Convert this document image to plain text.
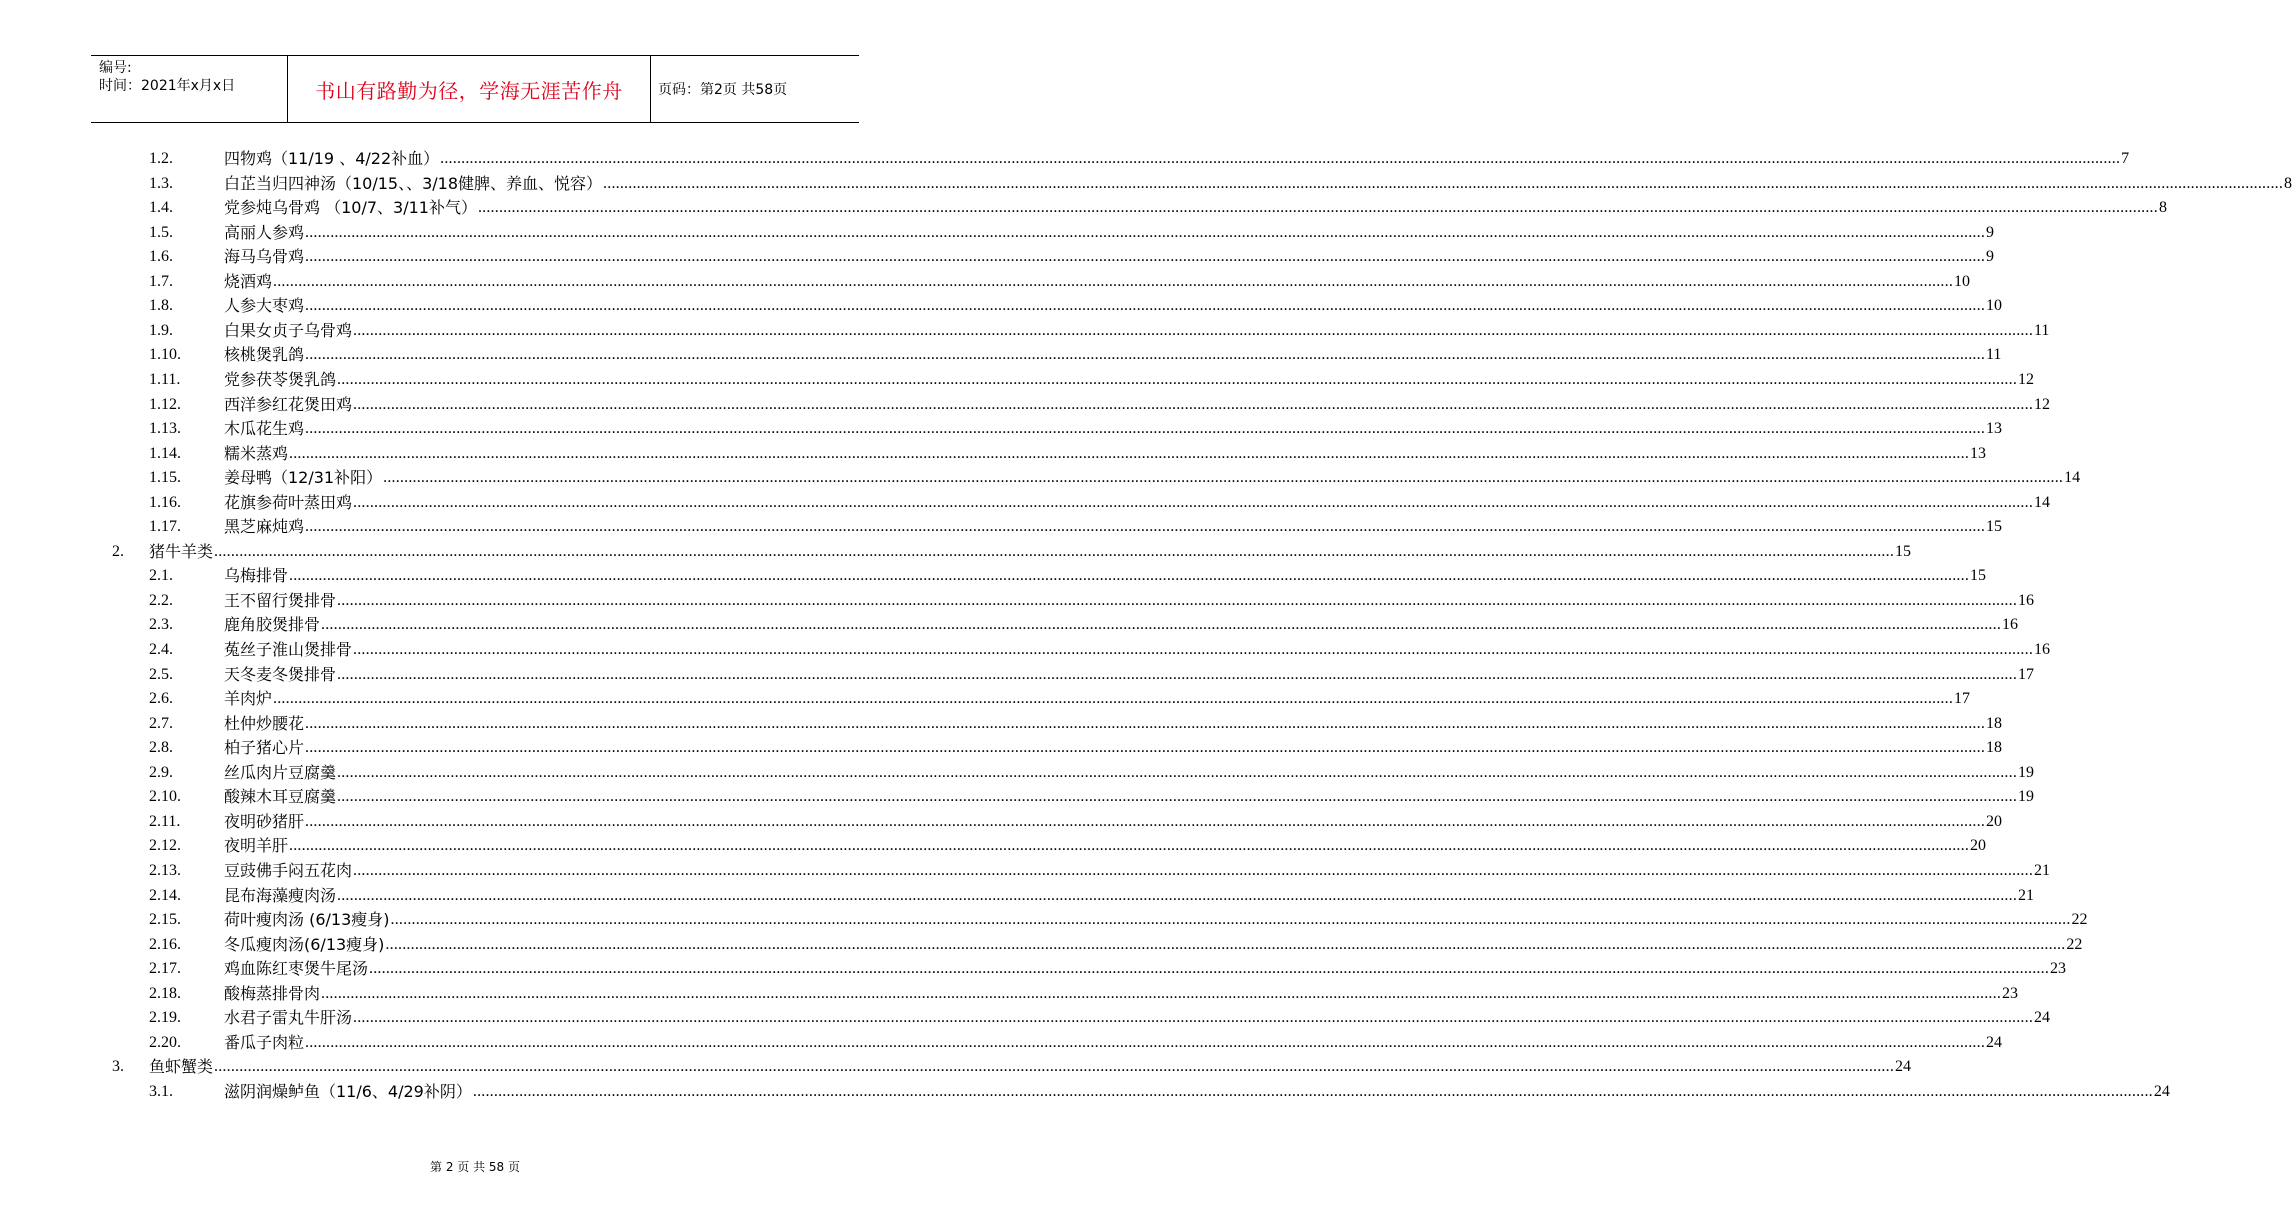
编号:
时间：2021年x月x日	书山有路勤为径，学海无涯苦作舟	页码：第2页 共58页
1.2.	四物鸡（11/19 、4/22补血） ................................................................................................................................................................................................................................................................................................................................................................................................................ 7
1.3.	白芷当归四神汤（10/15、、3/18健脾、养血、悦容） ................................................................................................................................................................................................................................................................................................................................................................................................................ 8
1.4.	党参炖乌骨鸡 （10/7、3/11补气） ................................................................................................................................................................................................................................................................................................................................................................................................................ 8
1.5.	高丽人参鸡 ................................................................................................................................................................................................................................................................................................................................................................................................................ 9
1.6.	海马乌骨鸡 ................................................................................................................................................................................................................................................................................................................................................................................................................ 9
1.7.	烧酒鸡 ................................................................................................................................................................................................................................................................................................................................................................................................................ 10
1.8.	人参大枣鸡 ................................................................................................................................................................................................................................................................................................................................................................................................................ 10
1.9.	白果女贞子乌骨鸡 ................................................................................................................................................................................................................................................................................................................................................................................................................ 11
1.10.	核桃煲乳鸽 ................................................................................................................................................................................................................................................................................................................................................................................................................ 11
1.11.	党参茯苓煲乳鸽 ................................................................................................................................................................................................................................................................................................................................................................................................................ 12
1.12.	西洋参红花煲田鸡 ................................................................................................................................................................................................................................................................................................................................................................................................................ 12
1.13.	木瓜花生鸡 ................................................................................................................................................................................................................................................................................................................................................................................................................ 13
1.14.	糯米蒸鸡 ................................................................................................................................................................................................................................................................................................................................................................................................................ 13
1.15.	姜母鸭（12/31补阳） ................................................................................................................................................................................................................................................................................................................................................................................................................ 14
1.16.	花旗参荷叶蒸田鸡 ................................................................................................................................................................................................................................................................................................................................................................................................................ 14
1.17.	黑芝麻炖鸡 ................................................................................................................................................................................................................................................................................................................................................................................................................ 15
2. 猪牛羊类 ................................................................................................................................................................................................................................................................................................................................................................................................................ 15
2.1.	乌梅排骨 ................................................................................................................................................................................................................................................................................................................................................................................................................ 15
2.2.	王不留行煲排骨 ................................................................................................................................................................................................................................................................................................................................................................................................................ 16
2.3.	鹿角胶煲排骨 ................................................................................................................................................................................................................................................................................................................................................................................................................ 16
2.4.	菟丝子淮山煲排骨 ................................................................................................................................................................................................................................................................................................................................................................................................................ 16
2.5.	天冬麦冬煲排骨 ................................................................................................................................................................................................................................................................................................................................................................................................................ 17
2.6.	羊肉炉 ................................................................................................................................................................................................................................................................................................................................................................................................................ 17
2.7.	杜仲炒腰花 ................................................................................................................................................................................................................................................................................................................................................................................................................ 18
2.8.	柏子猪心片 ................................................................................................................................................................................................................................................................................................................................................................................................................ 18
2.9.	丝瓜肉片豆腐羹 ................................................................................................................................................................................................................................................................................................................................................................................................................ 19
2.10.	酸辣木耳豆腐羹 ................................................................................................................................................................................................................................................................................................................................................................................................................ 19
2.11.	夜明砂猪肝 ................................................................................................................................................................................................................................................................................................................................................................................................................ 20
2.12.	夜明羊肝 ................................................................................................................................................................................................................................................................................................................................................................................................................ 20
2.13.	豆豉佛手闷五花肉 ................................................................................................................................................................................................................................................................................................................................................................................................................ 21
2.14.	昆布海藻瘦肉汤 ................................................................................................................................................................................................................................................................................................................................................................................................................ 21
2.15.	荷叶瘦肉汤 (6/13瘦身) ................................................................................................................................................................................................................................................................................................................................................................................................................ 22
2.16.	冬瓜瘦肉汤(6/13瘦身) ................................................................................................................................................................................................................................................................................................................................................................................................................ 22
2.17.	鸡血陈红枣煲牛尾汤 ................................................................................................................................................................................................................................................................................................................................................................................................................ 23
2.18.	酸梅蒸排骨肉 ................................................................................................................................................................................................................................................................................................................................................................................................................ 23
2.19.	水君子雷丸牛肝汤 ................................................................................................................................................................................................................................................................................................................................................................................................................ 24
2.20.	番瓜子肉粒 ................................................................................................................................................................................................................................................................................................................................................................................................................ 24
3. 鱼虾蟹类 ................................................................................................................................................................................................................................................................................................................................................................................................................ 24
3.1.	滋阴润燥鲈鱼（11/6、4/29补阴） ................................................................................................................................................................................................................................................................................................................................................................................................................ 24
第 2 页 共 58 页
